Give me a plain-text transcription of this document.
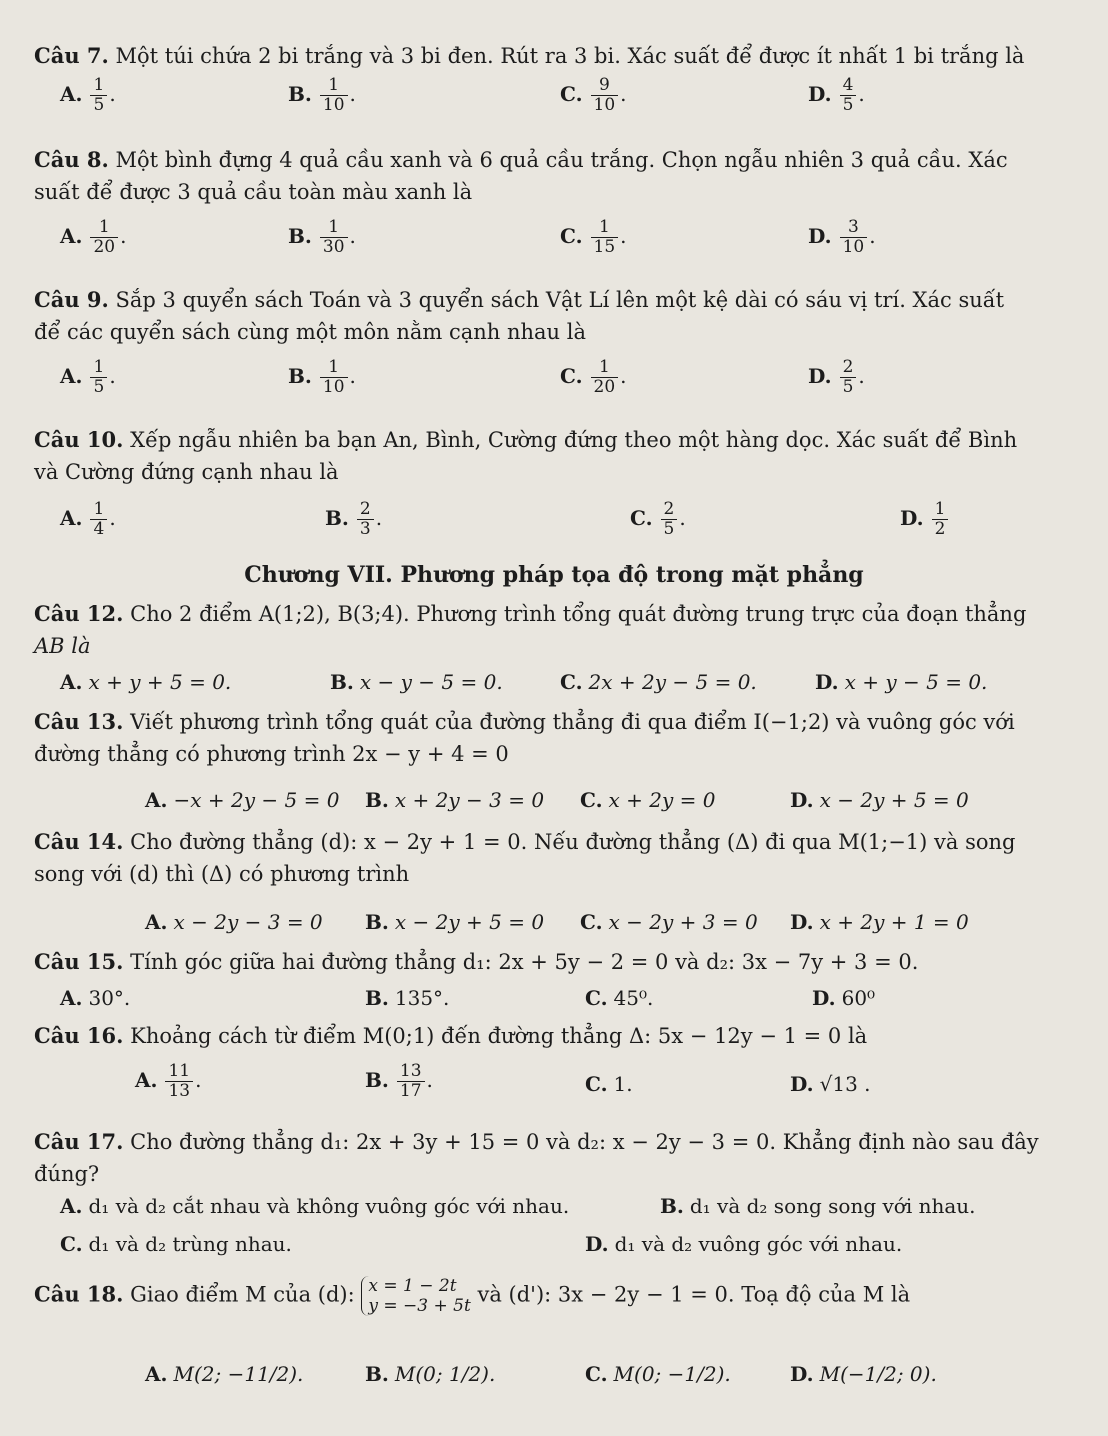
Câu 7. Một túi chứa 2 bi trắng và 3 bi đen. Rút ra 3 bi. Xác suất để được ít nhất 1 bi trắng là
A. $\frac{1}{5}$ .	B. $\frac{1}{10}$ .	C. $\frac{9}{10}$ .	D. $\frac{4}{5}$ .
Câu 8. Một bình đựng 4 quả cầu xanh và 6 quả cầu trắng. Chọn ngẫu nhiên 3 quả cầu. Xác
suất để được 3 quả cầu toàn màu xanh là
A. $\frac{1}{20}$ .	B. $\frac{1}{30}$ .	C. $\frac{1}{15}$ .	D. $\frac{3}{10}$ .
Câu 9. Sắp 3 quyển sách Toán và 3 quyển sách Vật Lí lên một kệ dài có sáu vị trí. Xác suất
để các quyển sách cùng một môn nằm cạnh nhau là
A. $\frac{1}{5}$ .	B. $\frac{1}{10}$ .	C. $\frac{1}{20}$ .	D. $\frac{2}{5}$ .
Câu 10. Xếp ngẫu nhiên ba bạn An, Bình, Cường đứng theo một hàng dọc. Xác suất để Bình
và Cường đứng cạnh nhau là
A. $\frac{1}{4}$ .	B. $\frac{2}{3}$ .	C. $\frac{2}{5}$ .	D. $\frac{1}{2}$
Chương VII. Phương pháp tọa độ trong mặt phẳng
Câu 12. Cho 2 điểm A(1;2), B(3;4). Phương trình tổng quát đường trung trực của đoạn thẳng
AB là
A. x + y + 5 = 0.	B. x − y − 5 = 0.	C. 2x + 2y − 5 = 0.	D. x + y − 5 = 0.
Câu 13. Viết phương trình tổng quát của đường thẳng đi qua điểm I(−1;2) và vuông góc với
đường thẳng có phương trình 2x − y + 4 = 0
A. −x + 2y − 5 = 0 B. x + 2y − 3 = 0 C. x + 2y = 0	D. x − 2y + 5 = 0
Câu 14. Cho đường thẳng (d): x − 2y + 1 = 0. Nếu đường thẳng (Δ) đi qua M(1;−1) và song
song với (d) thì (Δ) có phương trình
A. x − 2y − 3 = 0 B. x − 2y + 5 = 0 C. x − 2y + 3 = 0 D. x + 2y + 1 = 0
Câu 15. Tính góc giữa hai đường thẳng d₁: 2x + 5y − 2 = 0 và d₂: 3x − 7y + 3 = 0.
A. 30°.	B. 135°.	C. 45⁰.	D. 60⁰
Câu 16. Khoảng cách từ điểm M(0;1) đến đường thẳng Δ: 5x − 12y − 1 = 0 là
A. $\frac{11}{13}$ .	B. $\frac{13}{17}$ .	C. 1.	D. √13 .
Câu 17. Cho đường thẳng d₁: 2x + 3y + 15 = 0 và d₂: x − 2y − 3 = 0. Khẳng định nào sau đây
đúng?
A. d₁ và d₂ cắt nhau và không vuông góc với nhau.	B. d₁ và d₂ song song với nhau.
C. d₁ và d₂ trùng nhau.	D. d₁ và d₂ vuông góc với nhau.
Câu 18. Giao điểm M của (d): x = 1 − 2t
y = −3 + 5t và (d'): 3x − 2y − 1 = 0. Toạ độ của M là
A. M(2; −11/2).	B. M(0; 1/2).	C. M(0; −1/2).	D. M(−1/2; 0).
